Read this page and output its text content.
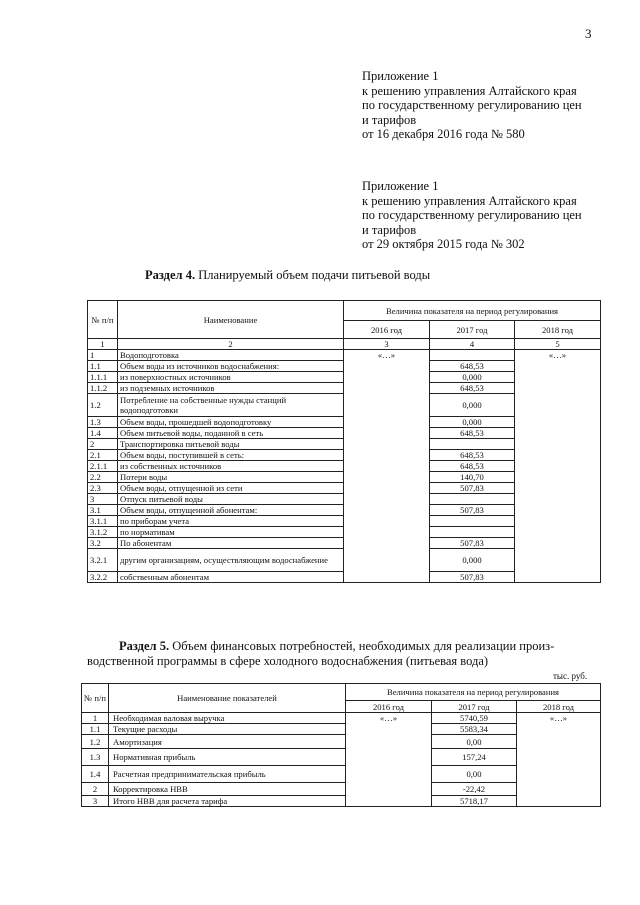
3
Приложение 1
к решению управления Алтайского края
по государственному регулированию цен
и тарифов
от 16 декабря 2016 года № 580
Приложение 1
к решению управления Алтайского края
по государственному регулированию цен
и тарифов
от 29 октября 2015 года № 302
Раздел 4. Планируемый объем подачи питьевой воды
№ п/п	Наименование	Величина показателя на период регулирования		
		2016 год	2017 год	2018 год
1	2	3	4	5
1	Водоподготовка	«…»		«…»
1.1	Объем воды из источников водоснабжения:		648,53	
1.1.1	из поверхностных источников		0,000	
1.1.2	из подземных источников		648,53	
1.2	Потребление на собственные нужды станций водоподготовки		0,000	
1.3	Объем воды, прошедшей водоподготовку		0,000	
1.4	Объем питьевой воды, поданной в сеть		648,53	
2	Транспортировка питьевой воды			
2.1	Объем воды, поступившей в сеть:		648,53	
2.1.1	из собственных источников		648,53	
2.2	Потери воды		140,70	
2.3	Объем воды, отпущенной из сети		507,83	
3	Отпуск питьевой воды			
3.1	Объем воды, отпущенной абонентам:		507,83	
3.1.1	по приборам учета			
3.1.2	по нормативам			
3.2	По абонентам		507,83	
3.2.1	другим организациям, осуществляющим водоснабжение		0,000	
3.2.2	собственным абонентам		507,83	
Раздел 5. Объем финансовых потребностей, необходимых для реализации произ-
водственной программы в сфере холодного водоснабжения (питьевая вода)
тыс. руб.
№ п/п	Наименование показателей	Величина показателя на период регулирования		
		2016 год	2017 год	2018 год
1	Необходимая валовая выручка	«…»	5740,59	«…»
1.1	Текущие расходы		5583,34	
1.2	Амортизация		0,00	
1.3	Нормативная прибыль		157,24	
1.4	Расчетная предпринимательская прибыль		0,00	
2	Корректировка НВВ		-22,42	
3	Итого НВВ для расчета тарифа		5718,17	
